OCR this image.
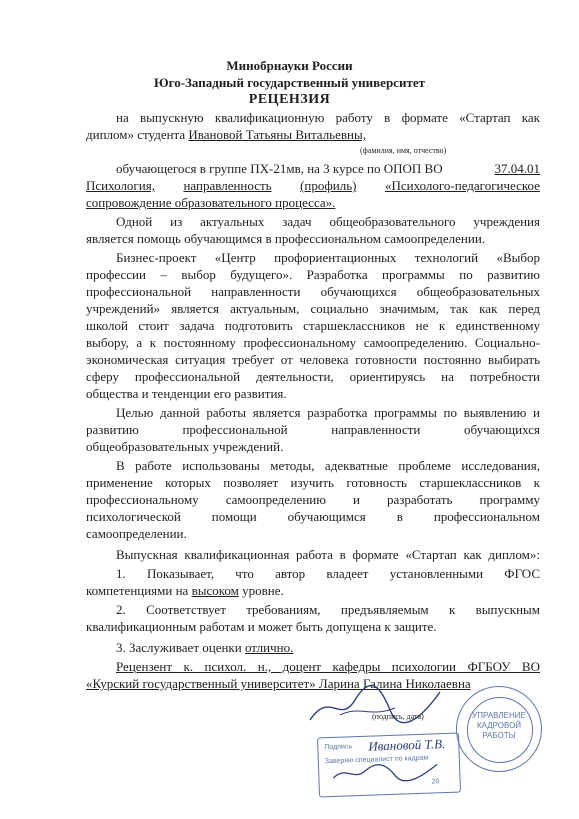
Минобрнауки России
Юго-Западный государственный университет
РЕЦЕНЗИЯ
на выпускную квалификационную работу в формате «Стартап как
диплом» студента Ивановой Татьяны Витальевны,
(фамилия, имя, отчество)
обучающегося в группе ПХ-21мв, на 3 курсе по ОПОП ВО	37.04.01
Психология, направленность (профиль) «Психолого-педагогическое
сопровождение образовательного процесса».
Одной из актуальных задач общеобразовательного учреждения
является помощь обучающимся в профессиональном самоопределении.
Бизнес-проект «Центр профориентационных технологий «Выбор
профессии – выбор будущего». Разработка программы по развитию
профессиональной направленности обучающихся общеобразовательных
учреждений» является актуальным, социально значимым, так как перед
школой стоит задача подготовить старшеклассников не к единственному
выбору, а к постоянному профессиональному самоопределению. Социально-
экономическая ситуация требует от человека готовности постоянно выбирать
сферу профессиональной деятельности, ориентируясь на потребности
общества и тенденции его развития.
Целью данной работы является разработка программы по выявлению и
развитию профессиональной направленности обучающихся
общеобразовательных учреждений.
В работе использованы методы, адекватные проблеме исследования,
применение которых позволяет изучить готовность старшеклассников к
профессиональному самоопределению и разработать программу
психологической помощи обучающимся в профессиональном
самоопределении.
Выпускная квалификационная работа в формате «Стартап как диплом»:
1. Показывает, что автор владеет установленными ФГОС
компетенциями на высоком уровне.
2. Соответствует требованиям, предъявляемым к выпускным
квалификационным работам и может быть допущена к защите.
3. Заслуживает оценки отлично.
Рецензент к. психол. н., доцент кафедры психологии ФГБОУ ВО
«Курский государственный университет» Ларина Галина Николаевна
(подпись, дата)	УПРАВЛЕНИЕ КАДРОВОЙ РАБОТЫ
Подпись Ивановой Т.В.
Заверяю специалист по кадрам
20
